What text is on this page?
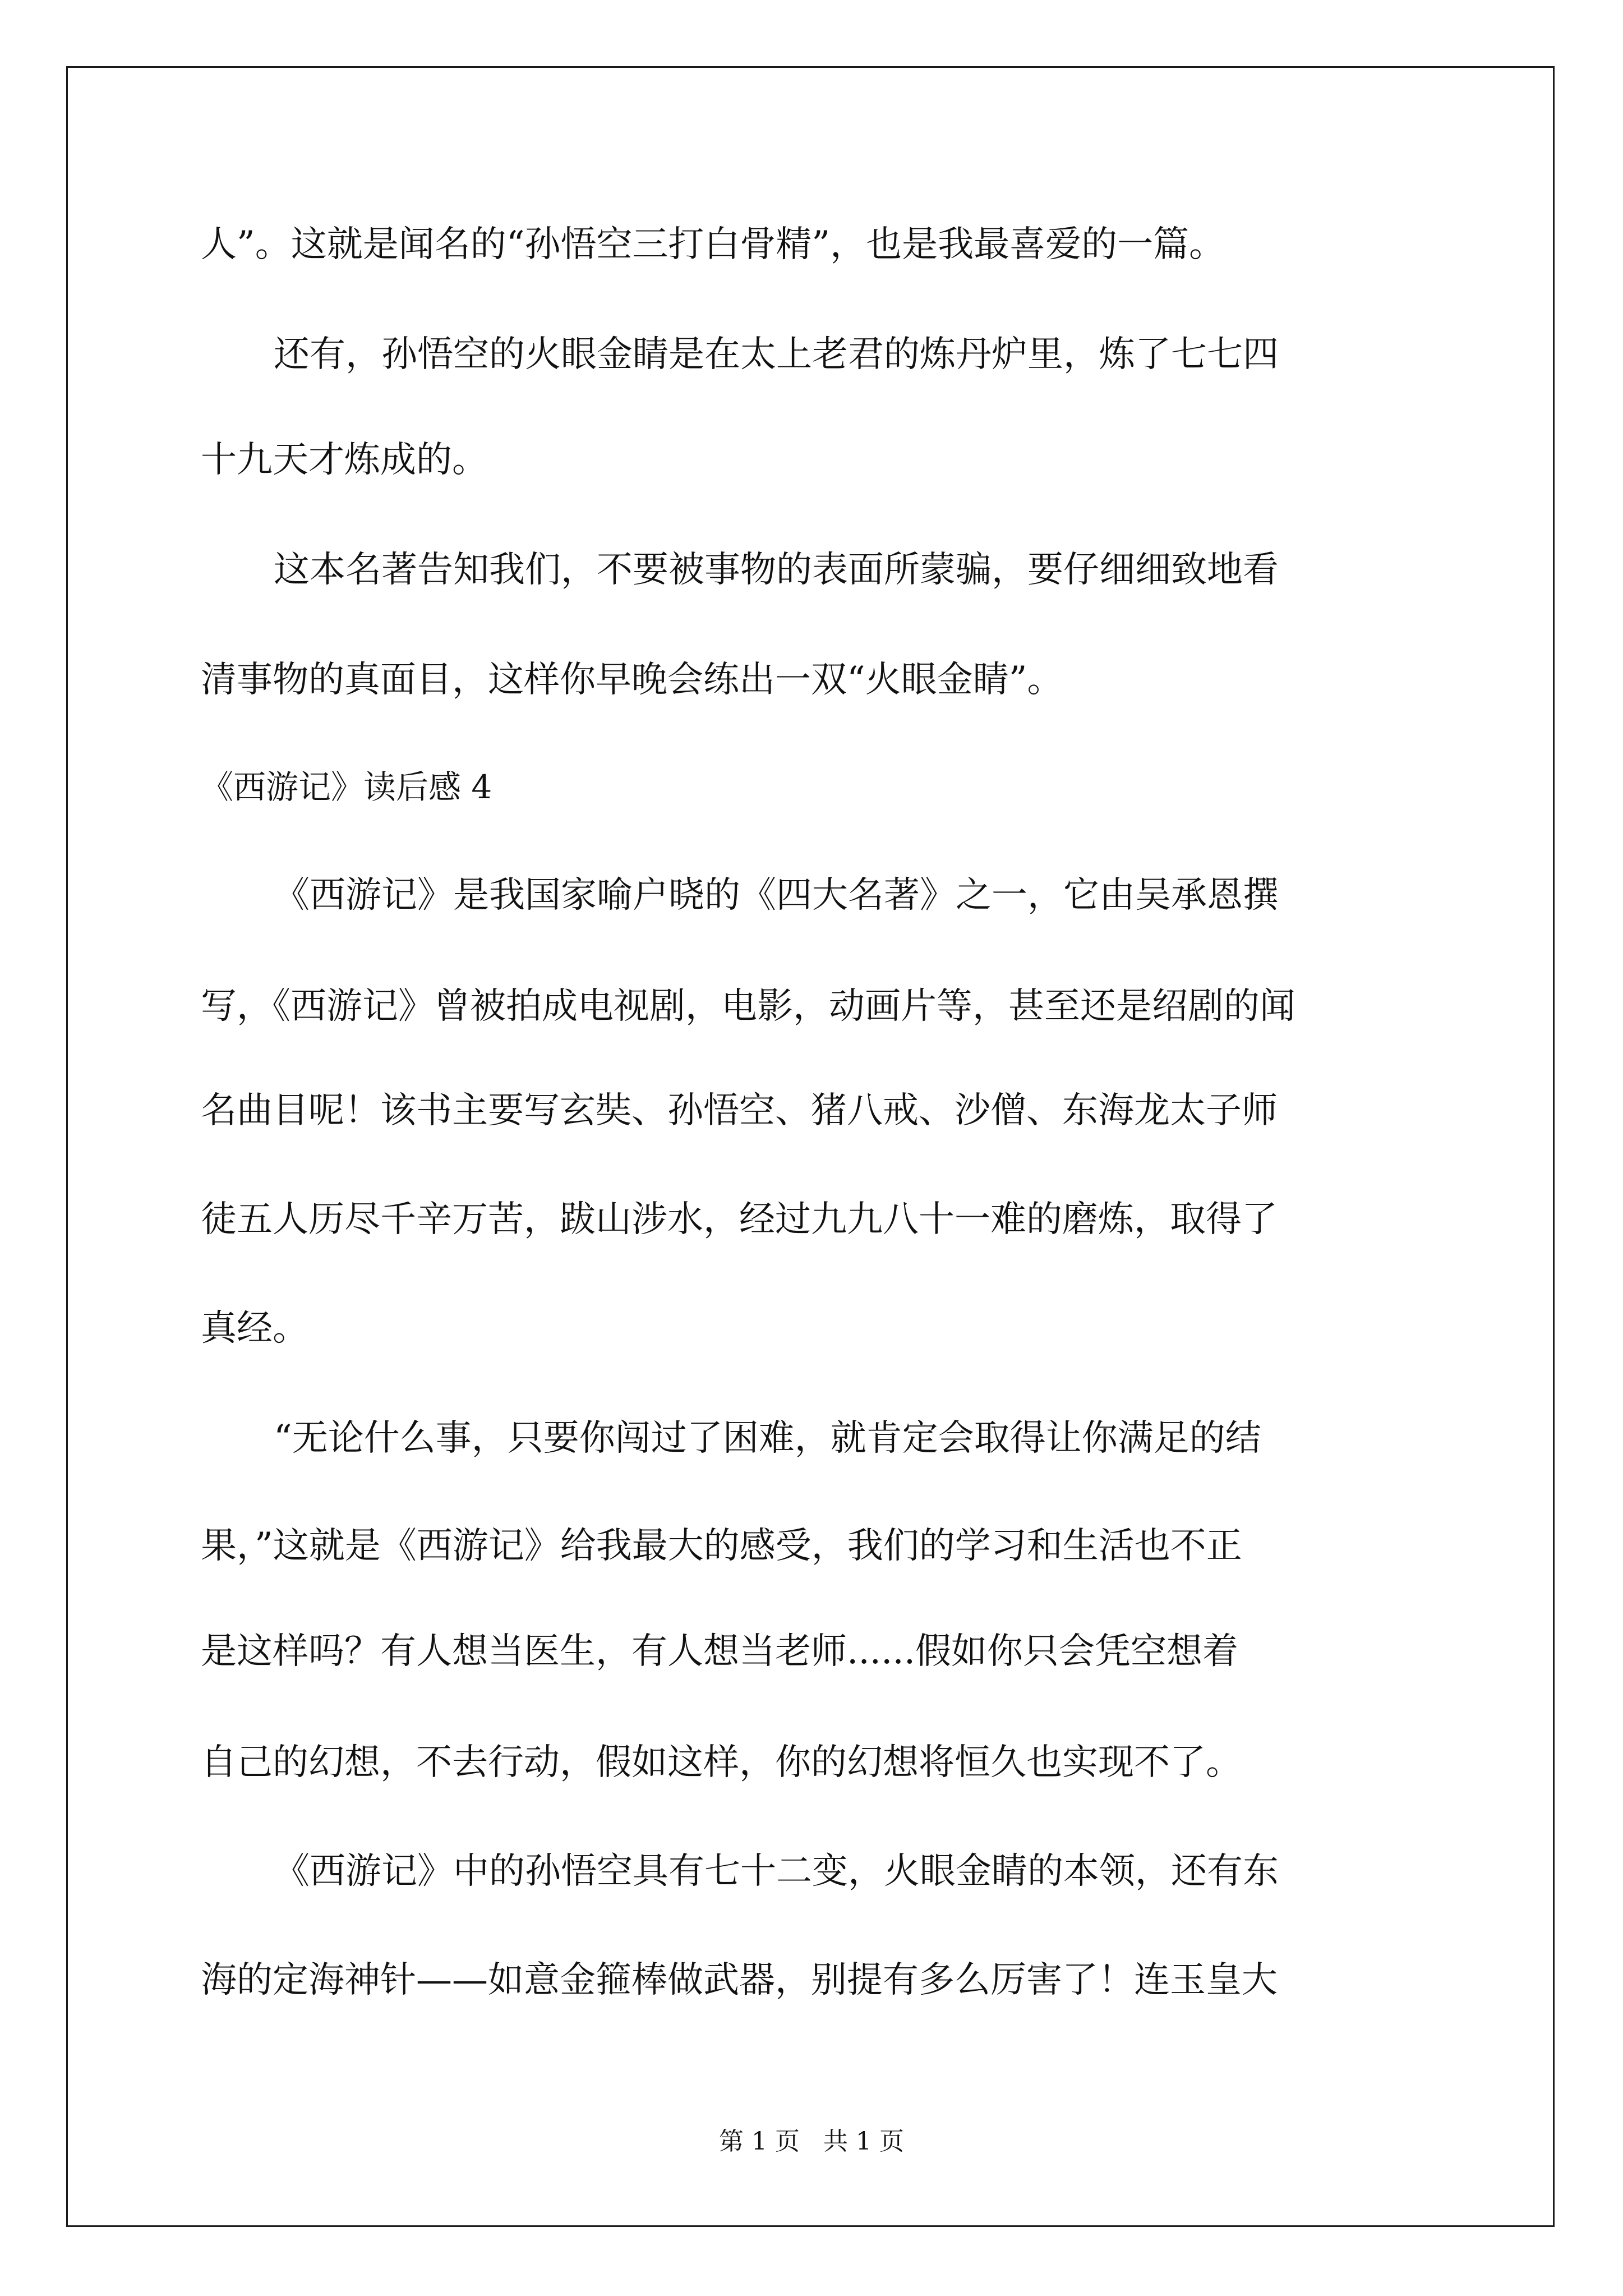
人”。这就是闻名的“孙悟空三打白骨精”，也是我最喜爱的一篇。
还有，孙悟空的火眼金睛是在太上老君的炼丹炉里，炼了七七四
十九天才炼成的。
这本名著告知我们，不要被事物的表面所蒙骗，要仔细细致地看
清事物的真面目，这样你早晚会练出一双“火眼金睛”。
《西游记》读后感 4
《西游记》是我国家喻户晓的《四大名著》之一，它由吴承恩撰
写，《西游记》曾被拍成电视剧，电影，动画片等，甚至还是绍剧的闻
名曲目呢！该书主要写玄奘、孙悟空、猪八戒、沙僧、东海龙太子师
徒五人历尽千辛万苦，跋山涉水，经过九九八十一难的磨炼，取得了
真经。
“无论什么事，只要你闯过了困难，就肯定会取得让你满足的结
果，”这就是《西游记》给我最大的感受，我们的学习和生活也不正
是这样吗？有人想当医生，有人想当老师......假如你只会凭空想着
自己的幻想，不去行动，假如这样，你的幻想将恒久也实现不了。
《西游记》中的孙悟空具有七十二变，火眼金睛的本领，还有东
海的定海神针——如意金箍棒做武器，别提有多么厉害了！连玉皇大
第 1 页   共 1 页
